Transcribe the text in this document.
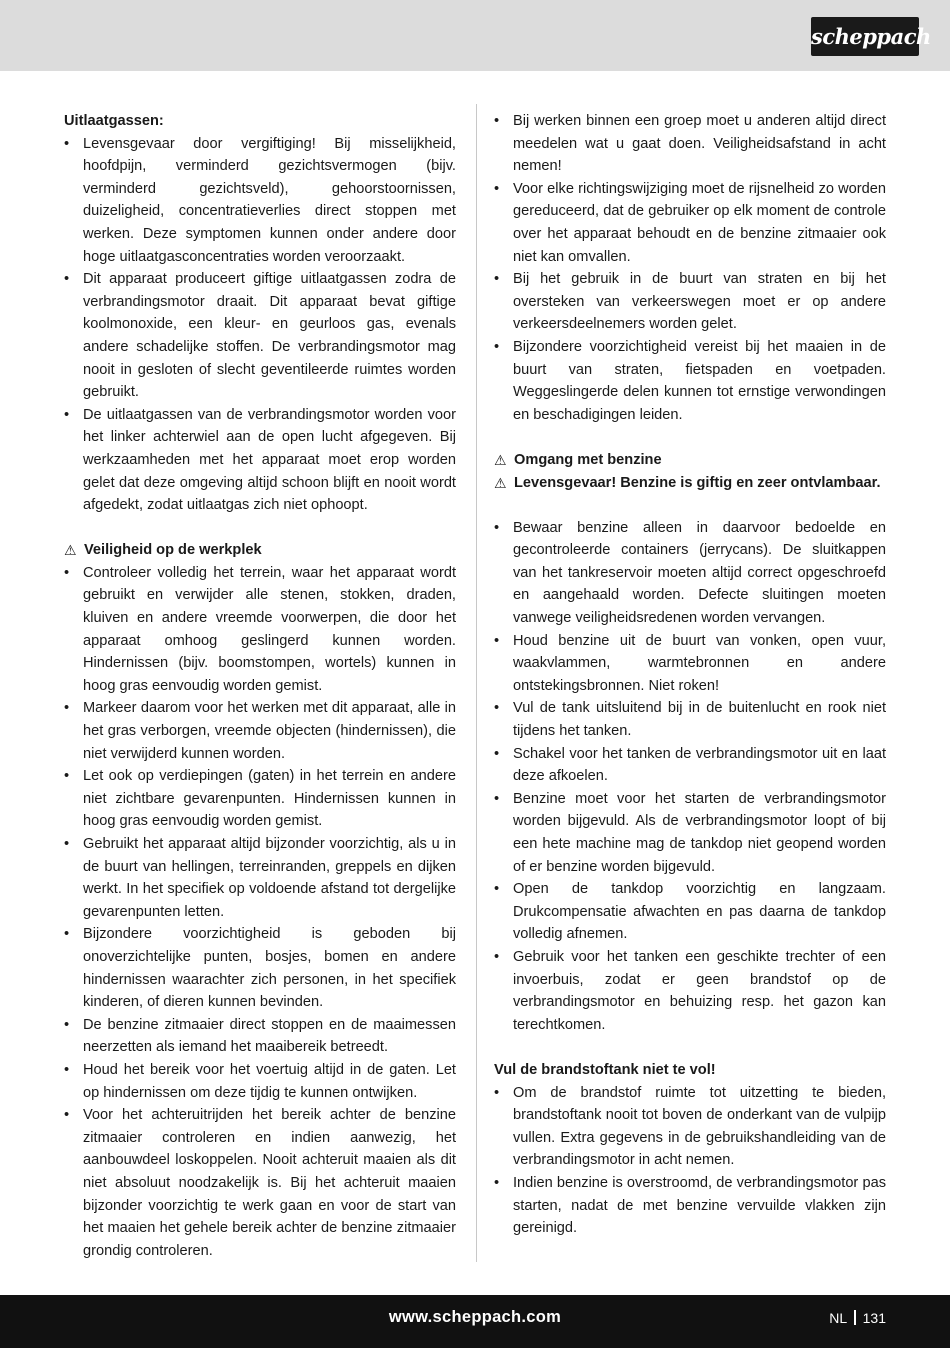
scheppach

Uitlaatgassen:

• Levensgevaar door vergiftiging! Bij misselijkheid, hoofdpijn, verminderd gezichtsvermogen (bijv. verminderd gezichtsveld), gehoorstoornissen, duizeligheid, concentratieverlies direct stoppen met werken. Deze symptomen kunnen onder andere door hoge uitlaatgasconcentraties worden veroorzaakt.
• Dit apparaat produceert giftige uitlaatgassen zodra de verbrandingsmotor draait. Dit apparaat bevat giftige koolmonoxide, een kleur- en geurloos gas, evenals andere schadelijke stoffen. De verbrandingsmotor mag nooit in gesloten of slecht geventileerde ruimtes worden gebruikt.
• De uitlaatgassen van de verbrandingsmotor worden voor het linker achterwiel aan de open lucht afgegeven. Bij werkzaamheden met het apparaat moet erop worden gelet dat deze omgeving altijd schoon blijft en nooit wordt afgedekt, zodat uitlaatgas zich niet ophoopt.
⚠ Veiligheid op de werkplek
• Controleer volledig het terrein, waar het apparaat wordt gebruikt en verwijder alle stenen, stokken, draden, kluiven en andere vreemde voorwerpen, die door het apparaat omhoog geslingerd kunnen worden. Hindernissen (bijv. boomstompen, wortels) kunnen in hoog gras eenvoudig worden gemist.
• Markeer daarom voor het werken met dit apparaat, alle in het gras verborgen, vreemde objecten (hindernissen), die niet verwijderd kunnen worden.
• Let ook op verdiepingen (gaten) in het terrein en andere niet zichtbare gevarenpunten. Hindernissen kunnen in hoog gras eenvoudig worden gemist.
• Gebruikt het apparaat altijd bijzonder voorzichtig, als u in de buurt van hellingen, terreinranden, greppels en dijken werkt. In het specifiek op voldoende afstand tot dergelijke gevarenpunten letten.
• Bijzondere voorzichtigheid is geboden bij onoverzichtelijke punten, bosjes, bomen en andere hindernissen waarachter zich personen, in het specifiek kinderen, of dieren kunnen bevinden.
• De benzine zitmaaier direct stoppen en de maaimessen neerzetten als iemand het maaibereik betreedt.
• Houd het bereik voor het voertuig altijd in de gaten. Let op hindernissen om deze tijdig te kunnen ontwijken.
• Voor het achteruitrijden het bereik achter de benzine zitmaaier controleren en indien aanwezig, het aanbouwdeel loskoppelen. Nooit achteruit maaien als dit niet absoluut noodzakelijk is. Bij het achteruit maaien bijzonder voorzichtig te werk gaan en voor de start van het maaien het gehele bereik achter de benzine zitmaaier grondig controleren.
• Bij werken binnen een groep moet u anderen altijd direct meedelen wat u gaat doen. Veiligheidsafstand in acht nemen!
• Voor elke richtingswijziging moet de rijsnelheid zo worden gereduceerd, dat de gebruiker op elk moment de controle over het apparaat behoudt en de benzine zitmaaier ook niet kan omvallen.
• Bij het gebruik in de buurt van straten en bij het oversteken van verkeerswegen moet er op andere verkeersdeelnemers worden gelet.
• Bijzondere voorzichtigheid vereist bij het maaien in de buurt van straten, fietspaden en voetpaden. Weggeslingerde delen kunnen tot ernstige verwondingen en beschadigingen leiden.
⚠ Omgang met benzine
⚠ Levensgevaar! Benzine is giftig en zeer ontvlambaar.
• Bewaar benzine alleen in daarvoor bedoelde en gecontroleerde containers (jerrycans). De sluitkappen van het tankreservoir moeten altijd correct opgeschroefd en aangehaald worden. Defecte sluitingen moeten vanwege veiligheidsredenen worden vervangen.
• Houd benzine uit de buurt van vonken, open vuur, waakvlammen, warmtebronnen en andere ontstekingsbronnen. Niet roken!
• Vul de tank uitsluitend bij in de buitenlucht en rook niet tijdens het tanken.
• Schakel voor het tanken de verbrandingsmotor uit en laat deze afkoelen.
• Benzine moet voor het starten de verbrandingsmotor worden bijgevuld. Als de verbrandingsmotor loopt of bij een hete machine mag de tankdop niet geopend worden of er benzine worden bijgevuld.
• Open de tankdop voorzichtig en langzaam. Drukcompensatie afwachten en pas daarna de tankdop volledig afnemen.
• Gebruik voor het tanken een geschikte trechter of een invoerbuis, zodat er geen brandstof op de verbrandingsmotor en behuizing resp. het gazon kan terechtkomen.

Vul de brandstoftank niet te vol!

• Om de brandstof ruimte tot uitzetting te bieden, brandstoftank nooit tot boven de onderkant van de vulpijp vullen. Extra gegevens in de gebruikshandleiding van de verbrandingsmotor in acht nemen.
• Indien benzine is overstroomd, de verbrandingsmotor pas starten, nadat de met benzine vervuilde vlakken zijn gereinigd.
www.scheppach.com	NL 131
